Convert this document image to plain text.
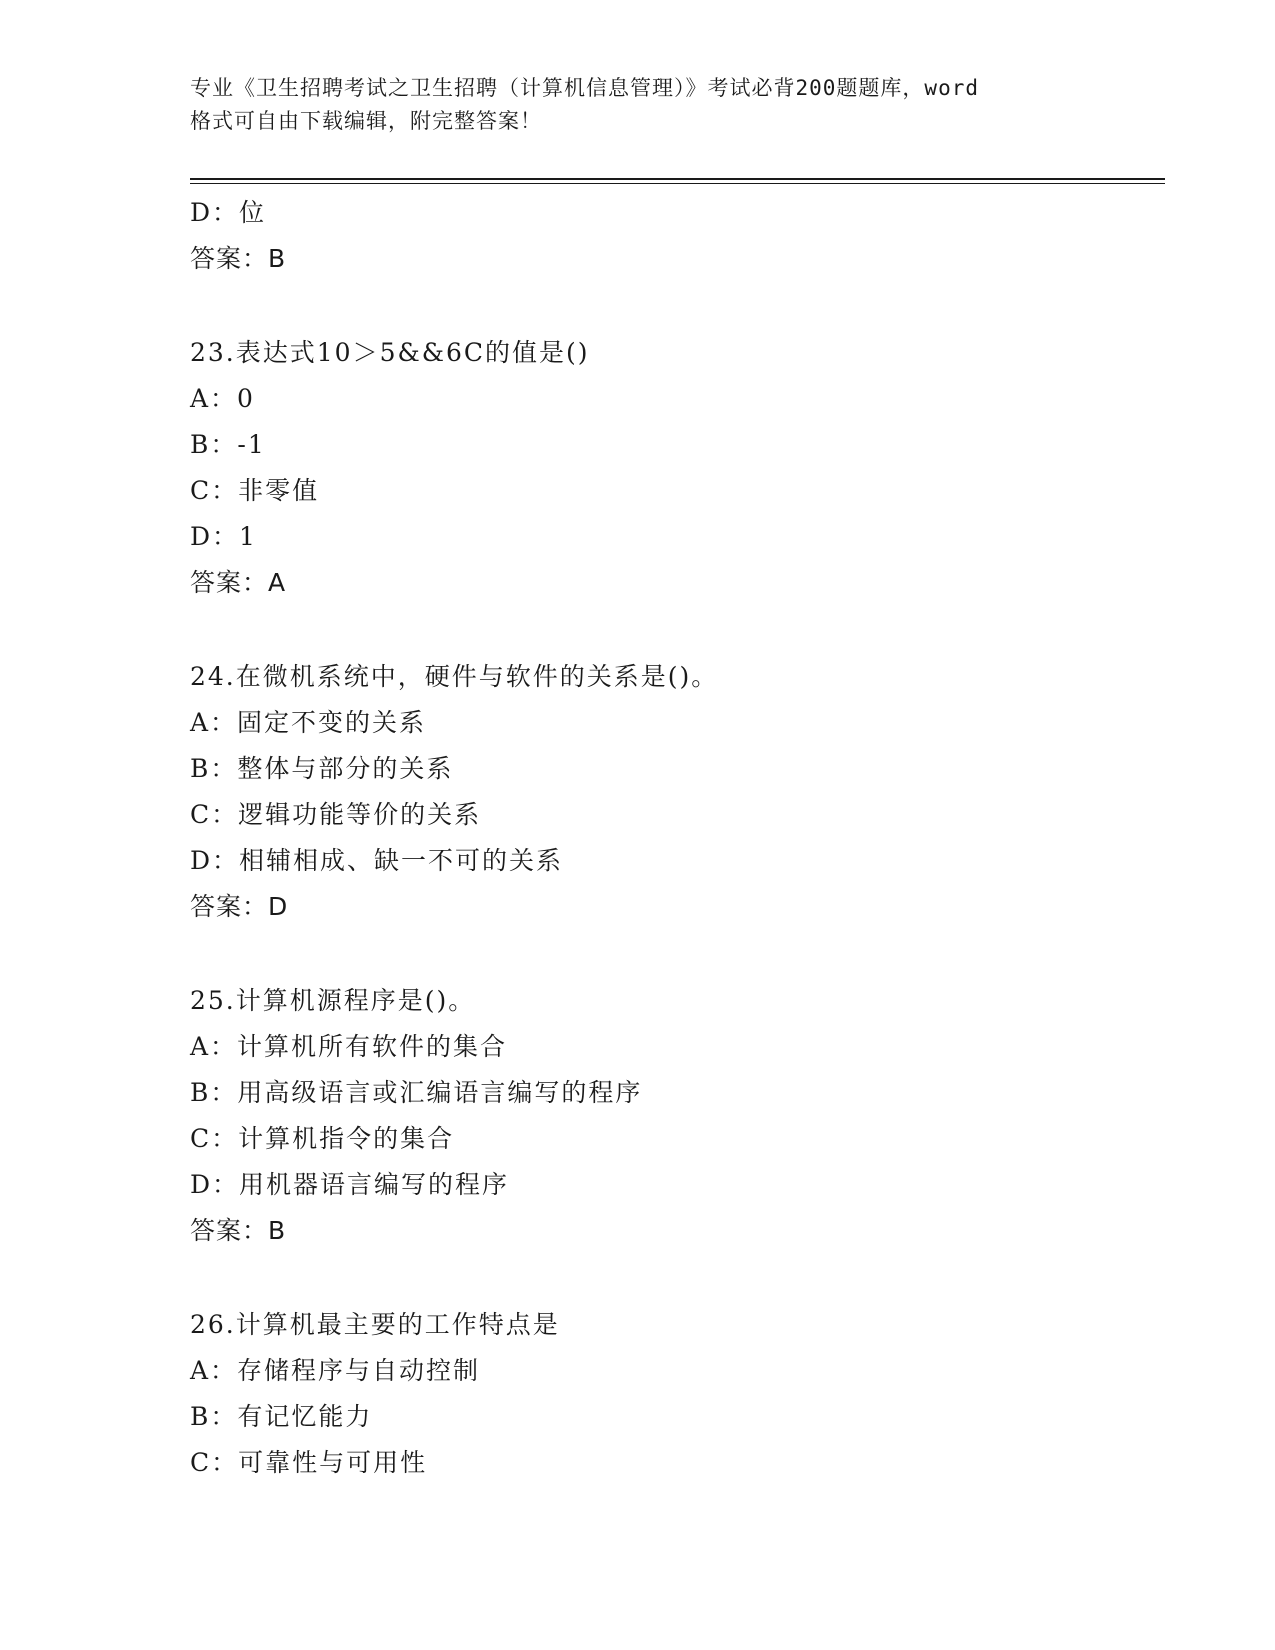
专业《卫生招聘考试之卫生招聘（计算机信息管理）》考试必背200题题库，word
格式可自由下载编辑，附完整答案！
D：位
答案：B
23.表达式10＞5&&6C的值是()
A：0
B：-1
C：非零值
D：1
答案：A
24.在微机系统中，硬件与软件的关系是()。
A：固定不变的关系
B：整体与部分的关系
C：逻辑功能等价的关系
D：相辅相成、缺一不可的关系
答案：D
25.计算机源程序是()。
A：计算机所有软件的集合
B：用高级语言或汇编语言编写的程序
C：计算机指令的集合
D：用机器语言编写的程序
答案：B
26.计算机最主要的工作特点是
A：存储程序与自动控制
B：有记忆能力
C：可靠性与可用性
